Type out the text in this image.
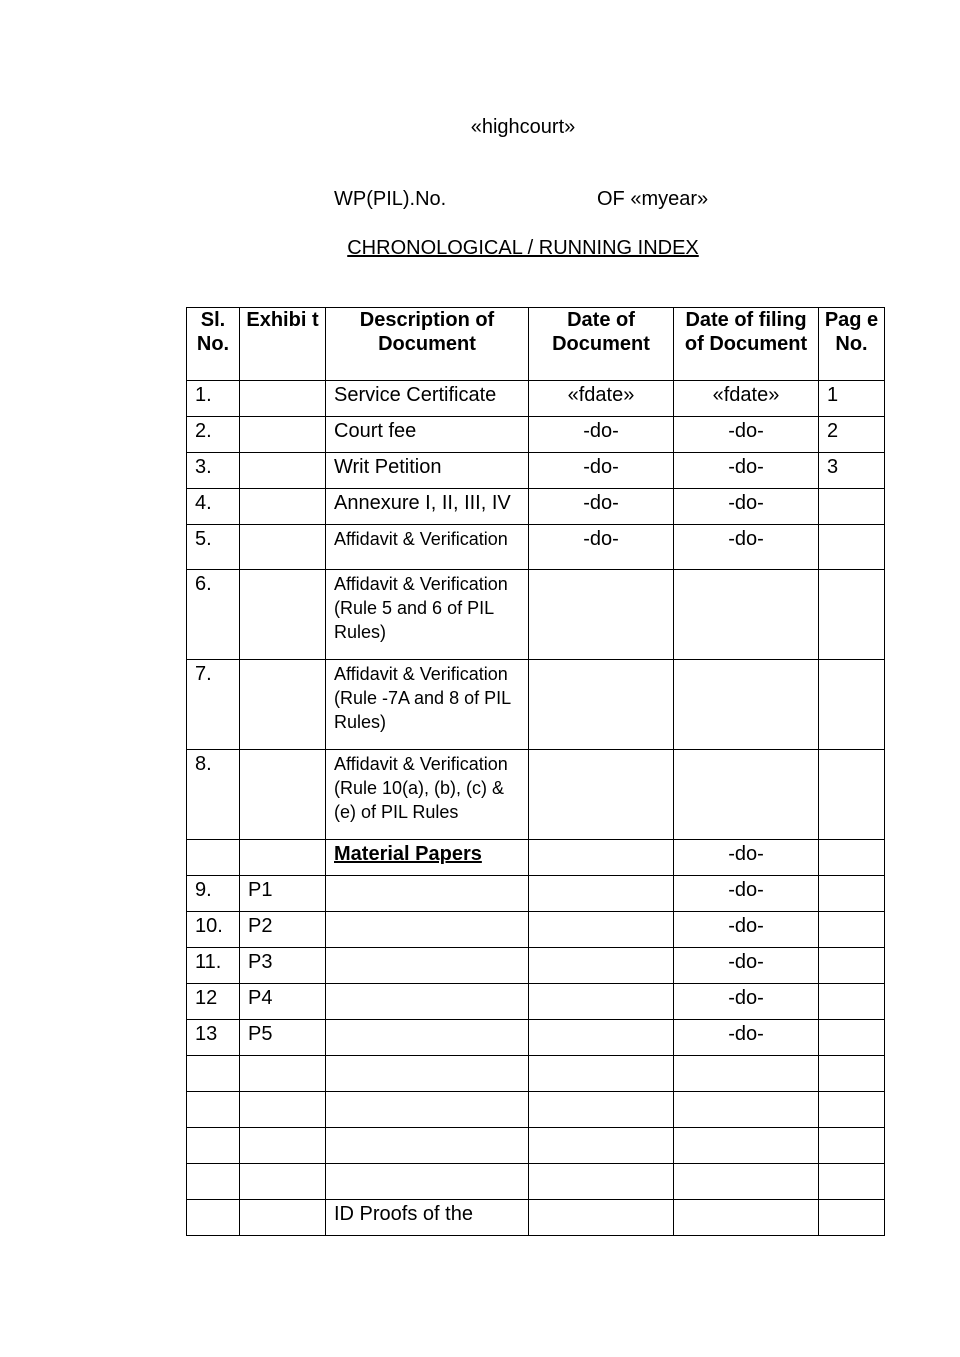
«highcourt»
WP(PIL).No.	OF «myear»
CHRONOLOGICAL / RUNNING INDEX
Sl. No.	Exhibi t	Description of Document	Date of Document	Date of filing of Document	Pag e No.
1.		Service Certificate	«fdate»	«fdate»	1
2.		Court fee	-do-	-do-	2
3.		Writ Petition	-do-	-do-	3
4.		Annexure I, II, III, IV	-do-	-do-	
5.		Affidavit & Verification	-do-	-do-	
6.		Affidavit & Verification
(Rule 5 and 6 of PIL Rules)			

7.		Affidavit & Verification
(Rule -7A and 8 of PIL Rules)			

8.		Affidavit & Verification
(Rule 10(a), (b), (c) & (e) of PIL Rules			

		Material Papers		-do-	
9.	P1			-do-	
10.	P2			-do-	
11.	P3			-do-	
12	P4			-do-	
13	P5			-do-	

		ID Proofs of the			
